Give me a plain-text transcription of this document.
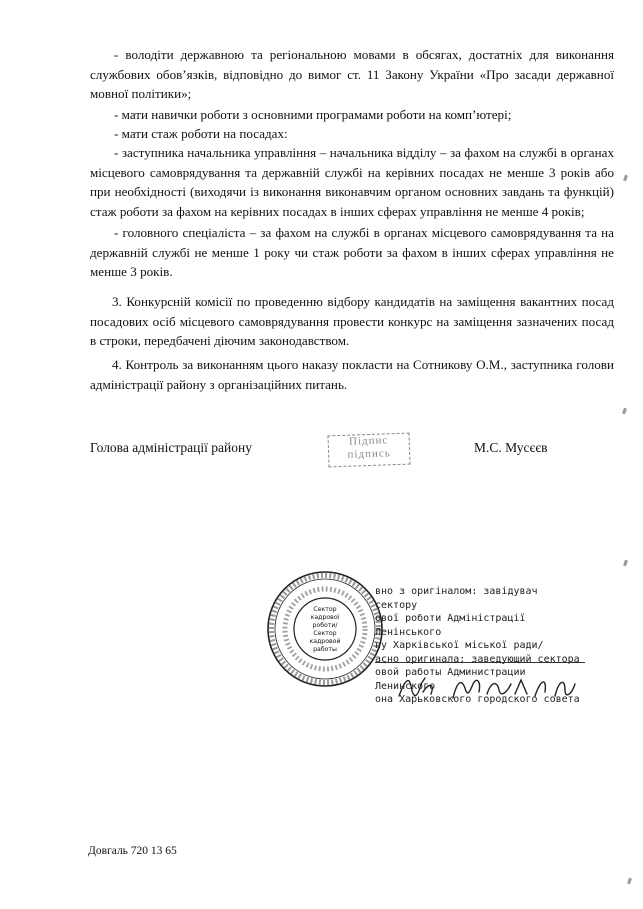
- володіти державною та регіональною мовами в обсягах, достатніх для виконання службових обов’язків, відповідно до вимог ст. 11 Закону України «Про засади державної мовної політики»;

- мати навички роботи з основними програмами роботи на комп’ютері;

- мати стаж роботи на посадах:

- заступника начальника управління – начальника відділу – за фахом на службі в органах місцевого самоврядування та державній службі на керівних посадах не менше 3 років або при необхідності (виходячи із виконання виконавчим органом основних завдань та функцій) стаж роботи за фахом на керівних посадах в інших сферах управління не менше 4 років;

- головного спеціаліста – за фахом на службі в органах місцевого самоврядування та на державній службі не менше 1 року чи стаж роботи за фахом в інших сферах управління не менше 3 років.

3. Конкурсній комісії по проведенню відбору кандидатів на заміщення вакантних посад посадових осіб місцевого самоврядування провести конкурс на заміщення зазначених посад в строки, передбачені діючим законодавством.

4. Контроль за виконанням цього наказу покласти на Сотникову О.М., заступника голови адміністрації району з організаційних питань.

Голова адміністрації району	Підпис
підпись	М.С. Мусєєв
Сектор
кадрової
роботи/
Сектор
кадровой
работы
вно з оригіналом: завідувач сектору
ової роботи Адміністрації Ленінського
ну Харківської міської ради/
асно оригинала: заведующий сектора
овой работы Администрации Ленинского
она Харьковского городского совета
Довгаль 720 13 65
